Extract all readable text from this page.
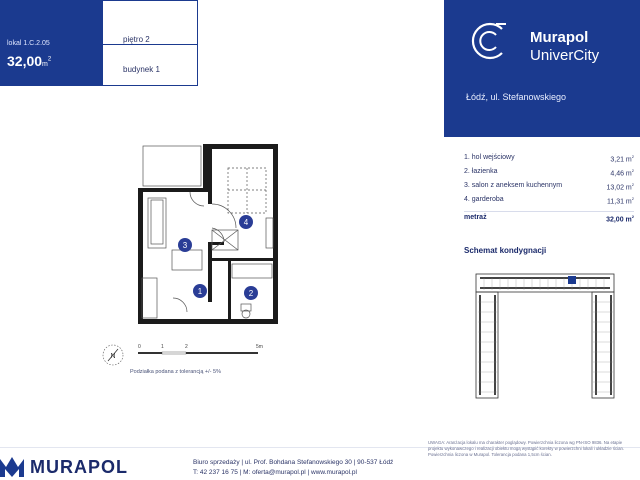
lokal 1.C.2.05
$32,00m^2$
piętro 2
budynek 1
Murapol
UniverCity
Łódź, ul. Stefanowskiego
1. hol wejściowy	3,21 $m^2$
2. łazienka	4,46 $m^2$
3. salon z aneksem kuchennym	13,02 $m^2$
4. garderoba	11,31 $m^2$
metraż	32,00 $m^2$
Schemat kondygnacji
1	2
3
4
N
0	1	2	5m
Podziałka podana z tolerancją +/- 5%
MURAPOL	Biuro sprzedaży | ul. Prof. Bohdana Stefanowskiego 30 | 90-537 Łódź
T: 42 237 16 75 | M: oferta@murapol.pl | www.murapol.pl
UWAGA: Aranżacja lokalu ma charakter poglądowy. Powierzchnia liczona wg PN-ISO 9836. Na etapie projektu wykonawczego i realizacji obiektu mogą wystąpić korekty w powierzchni lokali i układzie ścian. Powierzchnia liczona w Murapol. Tolerancja podana 1,5cm ścian.
